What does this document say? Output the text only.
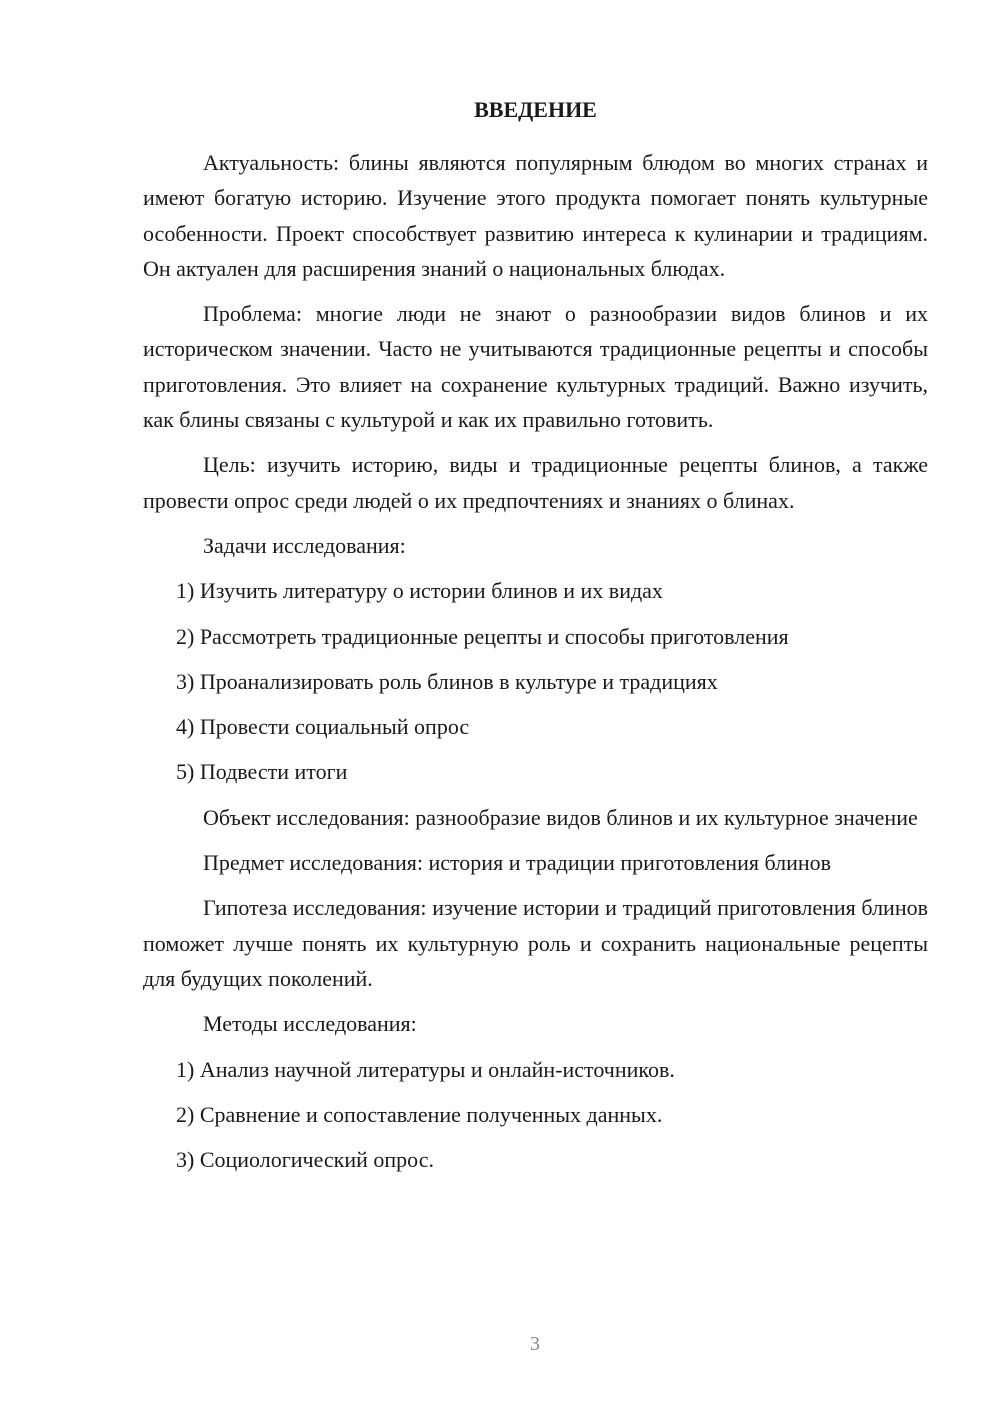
ВВЕДЕНИЕ

Актуальность: блины являются популярным блюдом во многих странах и имеют богатую историю. Изучение этого продукта помогает понять культурные особенности. Проект способствует развитию интереса к кулинарии и традициям. Он актуален для расширения знаний о национальных блюдах.

Проблема: многие люди не знают о разнообразии видов блинов и их историческом значении. Часто не учитываются традиционные рецепты и способы приготовления. Это влияет на сохранение культурных традиций. Важно изучить, как блины связаны с культурой и как их правильно готовить.

Цель: изучить историю, виды и традиционные рецепты блинов, а также провести опрос среди людей о их предпочтениях и знаниях о блинах.

Задачи исследования:

1) Изучить литературу о истории блинов и их видах
2) Рассмотреть традиционные рецепты и способы приготовления
3) Проанализировать роль блинов в культуре и традициях
4) Провести социальный опрос
5) Подвести итоги

Объект исследования: разнообразие видов блинов и их культурное значение

Предмет исследования: история и традиции приготовления блинов

Гипотеза исследования: изучение истории и традиций приготовления блинов поможет лучше понять их культурную роль и сохранить национальные рецепты для будущих поколений.

Методы исследования:

1) Анализ научной литературы и онлайн-источников.
2) Сравнение и сопоставление полученных данных.
3) Социологический опрос.
3
